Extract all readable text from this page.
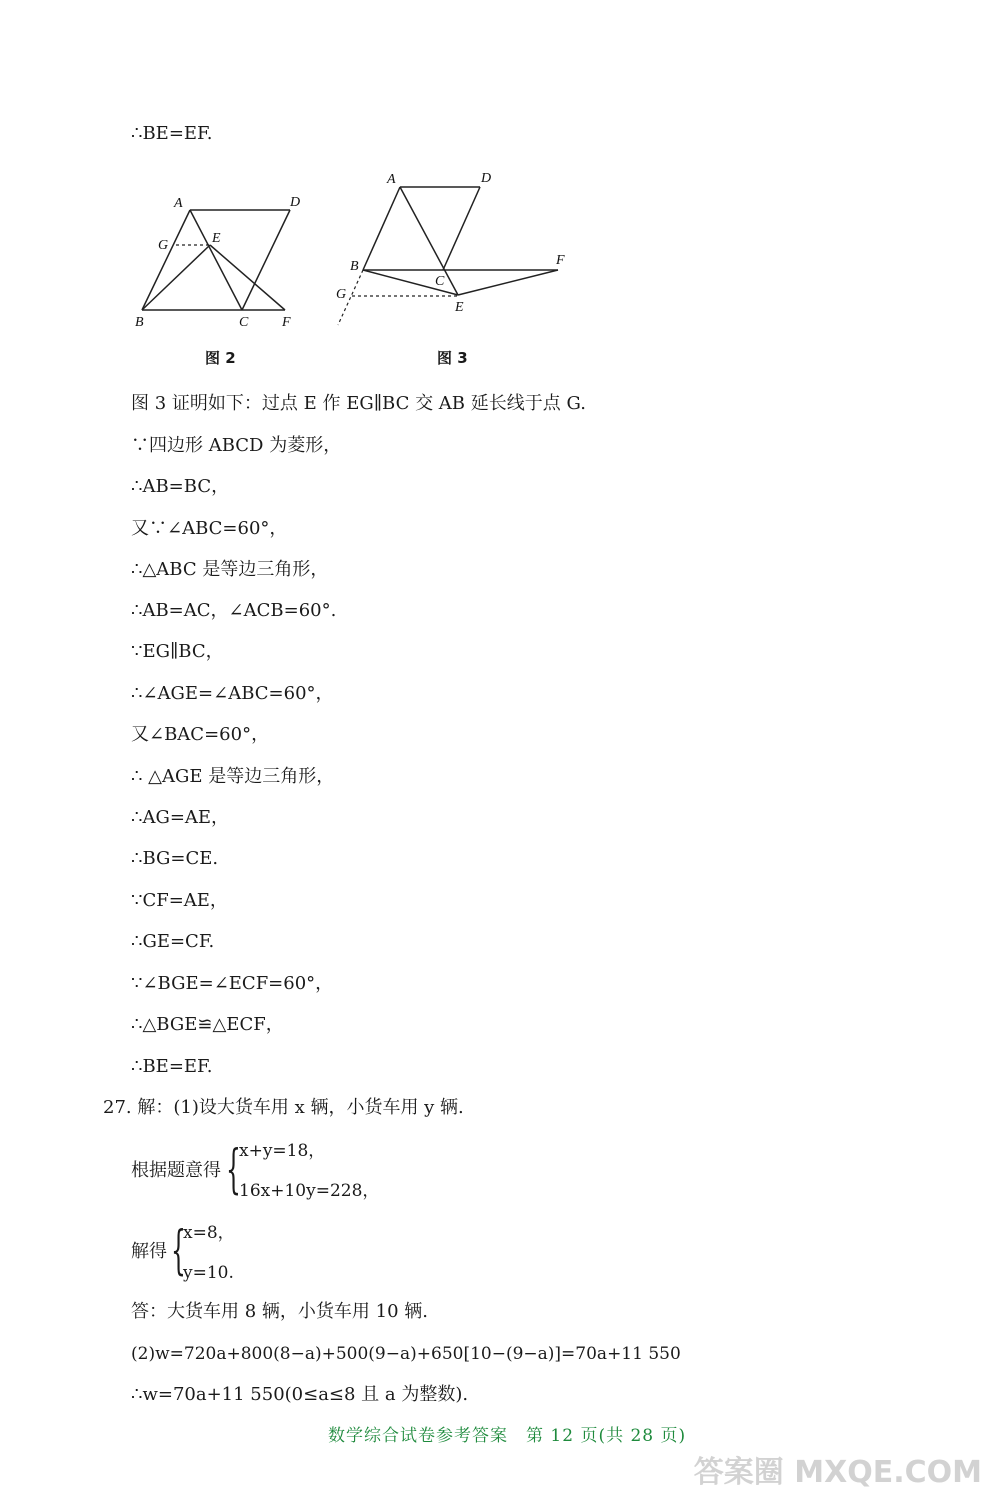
∴BE=EF.
A	D
G	E
B	C F
图 2
A	D
B
C
F
G
E
图 3
图 3 证明如下：过点 E 作 EG∥BC 交 AB 延长线于点 G.
∵四边形 ABCD 为菱形，
∴AB=BC，
又∵∠ABC=60°，
∴△ABC 是等边三角形，
∴AB=AC，∠ACB=60°.
∵EG∥BC，
∴∠AGE=∠ABC=60°，
又∠BAC=60°，
∴ △AGE 是等边三角形，
∴AG=AE，
∴BG=CE.
∵CF=AE，
∴GE=CF.
∵∠BGE=∠ECF=60°，
∴△BGE≌△ECF，
∴BE=EF.
27. 解：(1)设大货车用 x 辆，小货车用 y 辆.
根据题意得 {
x+y=18，
16x+10y=228，
解得 {
x=8，
y=10.
答：大货车用 8 辆，小货车用 10 辆.
(2)w=720a+800(8−a)+500(9−a)+650[10−(9−a)]=70a+11 550
∴w=70a+11 550(0≤a≤8 且 a 为整数).
数学综合试卷参考答案　第 12 页(共 28 页)
答案圈 MXQE.COM
